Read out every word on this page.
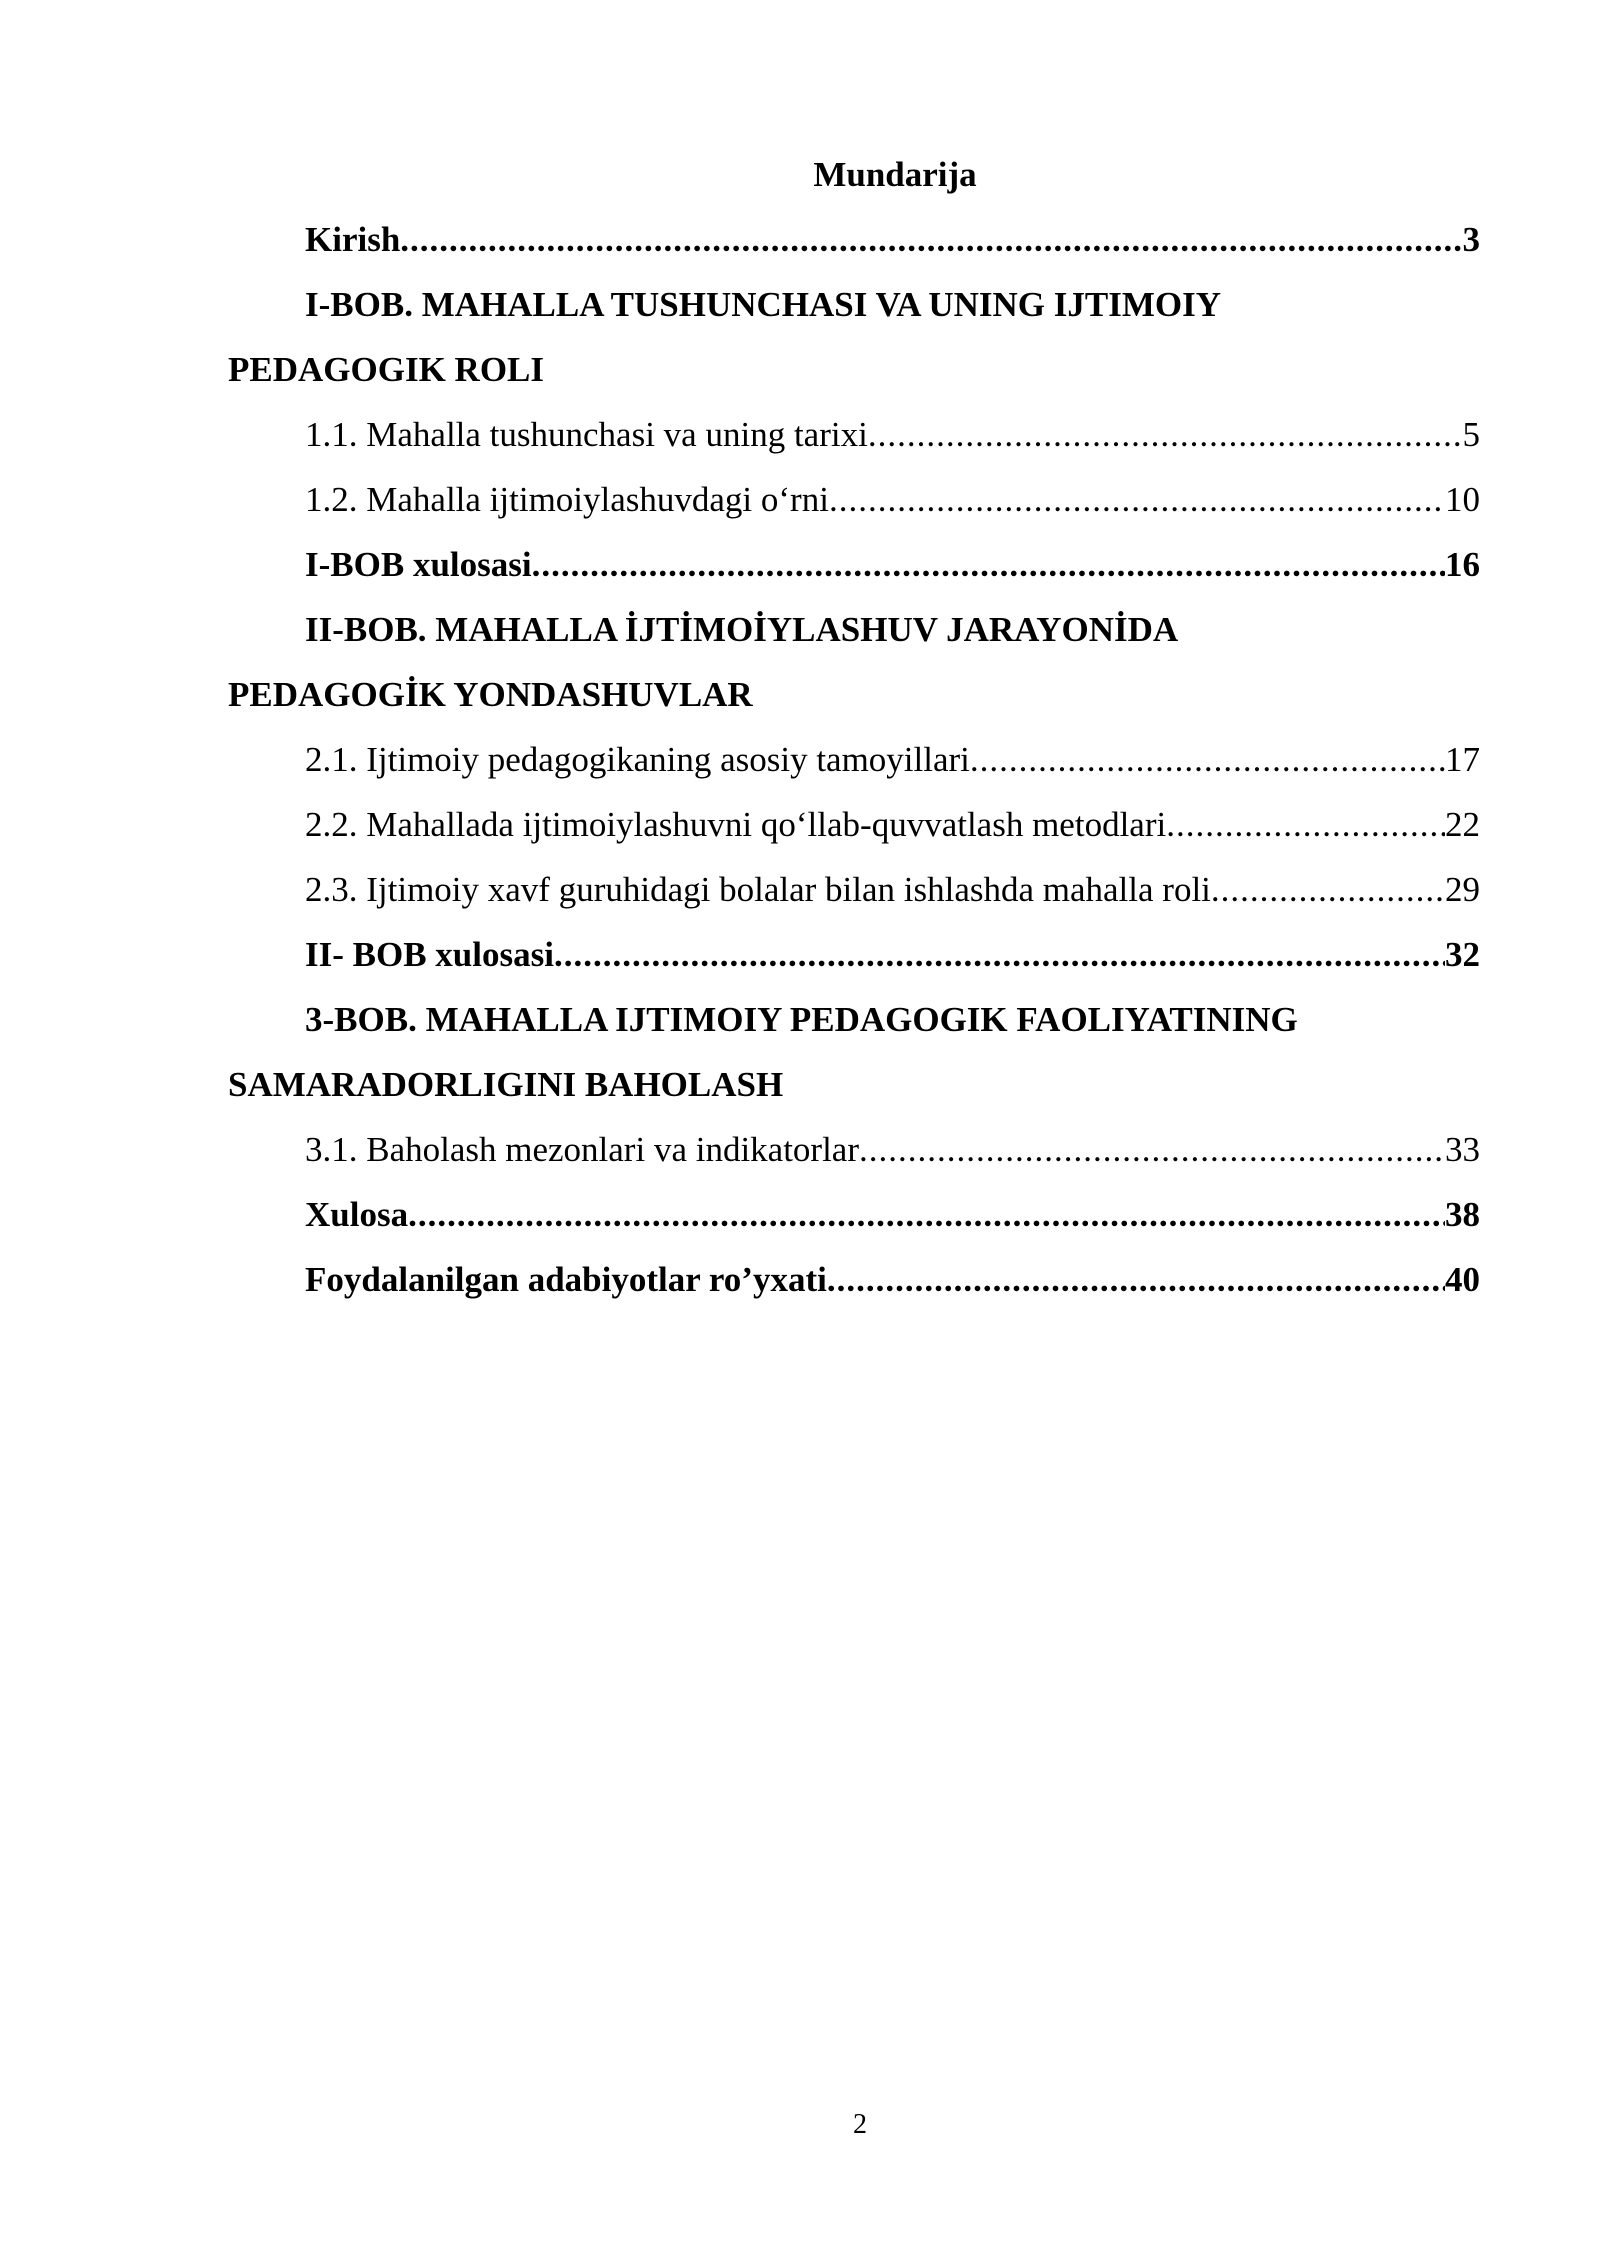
Mundarija
Kirish	3
.....
I-BOB. MAHALLA TUSHUNCHASI VA UNING IJTIMOIY
PEDAGOGIK ROLI
1.1. Mahalla tushunchasi va uning tarixi	5
.....
1.2. Mahalla ijtimoiylashuvdagi o‘rni	10
.....
I-BOB xulosasi	16
.....
II-BOB. MAHALLA İJTİMOİYLASHUV JARAYONİDA
PEDAGOGİK YONDASHUVLAR
2.1. Ijtimoiy pedagogikaning asosiy tamoyillari	17
.....
2.2. Mahallada ijtimoiylashuvni qo‘llab-quvvatlash metodlari	22
.....
2.3. Ijtimoiy xavf guruhidagi bolalar bilan ishlashda mahalla roli	29
.....
II- BOB xulosasi	32
.....
3-BOB. MAHALLA IJTIMOIY PEDAGOGIK FAOLIYATINING
SAMARADORLIGINI BAHOLASH
3.1. Baholash mezonlari va indikatorlar	33
.....
Xulosa	38
.....
Foydalanilgan adabiyotlar ro’yxati	40
.....
2
